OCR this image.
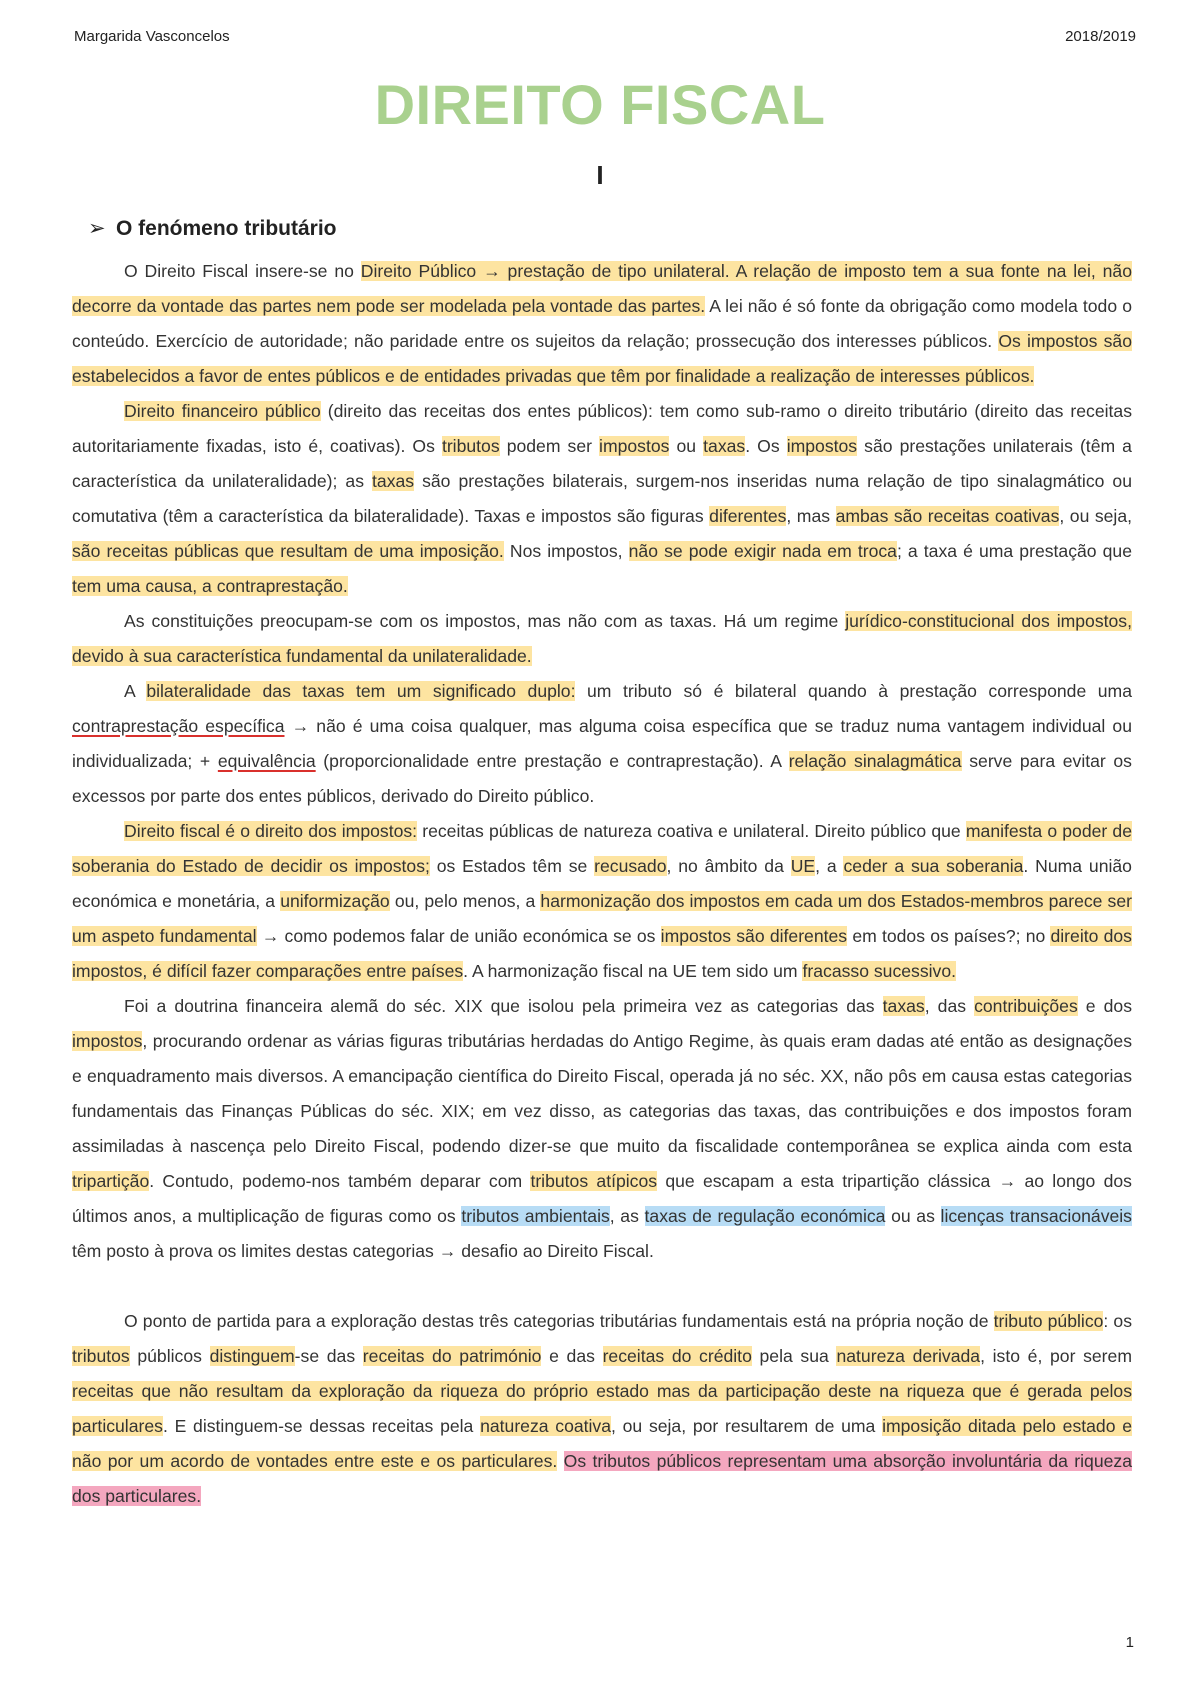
Margarida Vasconcelos	2018/2019
DIREITO FISCAL
I
➢ O fenómeno tributário

O Direito Fiscal insere-se no Direito Público → prestação de tipo unilateral. A relação de imposto tem a sua fonte na lei, não decorre da vontade das partes nem pode ser modelada pela vontade das partes. A lei não é só fonte da obrigação como modela todo o conteúdo. Exercício de autoridade; não paridade entre os sujeitos da relação; prossecução dos interesses públicos. Os impostos são estabelecidos a favor de entes públicos e de entidades privadas que têm por finalidade a realização de interesses públicos.

Direito financeiro público (direito das receitas dos entes públicos): tem como sub-ramo o direito tributário (direito das receitas autoritariamente fixadas, isto é, coativas). Os tributos podem ser impostos ou taxas. Os impostos são prestações unilaterais (têm a característica da unilateralidade); as taxas são prestações bilaterais, surgem-nos inseridas numa relação de tipo sinalagmático ou comutativa (têm a característica da bilateralidade). Taxas e impostos são figuras diferentes, mas ambas são receitas coativas, ou seja, são receitas públicas que resultam de uma imposição. Nos impostos, não se pode exigir nada em troca; a taxa é uma prestação que tem uma causa, a contraprestação.

As constituições preocupam-se com os impostos, mas não com as taxas. Há um regime jurídico-constitucional dos impostos, devido à sua característica fundamental da unilateralidade.

A bilateralidade das taxas tem um significado duplo: um tributo só é bilateral quando à prestação corresponde uma contraprestação específica → não é uma coisa qualquer, mas alguma coisa específica que se traduz numa vantagem individual ou individualizada; + equivalência (proporcionalidade entre prestação e contraprestação). A relação sinalagmática serve para evitar os excessos por parte dos entes públicos, derivado do Direito público.

Direito fiscal é o direito dos impostos: receitas públicas de natureza coativa e unilateral. Direito público que manifesta o poder de soberania do Estado de decidir os impostos; os Estados têm se recusado, no âmbito da UE, a ceder a sua soberania. Numa união económica e monetária, a uniformização ou, pelo menos, a harmonização dos impostos em cada um dos Estados-membros parece ser um aspeto fundamental → como podemos falar de união económica se os impostos são diferentes em todos os países?; no direito dos impostos, é difícil fazer comparações entre países. A harmonização fiscal na UE tem sido um fracasso sucessivo.

Foi a doutrina financeira alemã do séc. XIX que isolou pela primeira vez as categorias das taxas, das contribuições e dos impostos, procurando ordenar as várias figuras tributárias herdadas do Antigo Regime, às quais eram dadas até então as designações e enquadramento mais diversos. A emancipação científica do Direito Fiscal, operada já no séc. XX, não pôs em causa estas categorias fundamentais das Finanças Públicas do séc. XIX; em vez disso, as categorias das taxas, das contribuições e dos impostos foram assimiladas à nascença pelo Direito Fiscal, podendo dizer-se que muito da fiscalidade contemporânea se explica ainda com esta tripartição. Contudo, podemo-nos também deparar com tributos atípicos que escapam a esta tripartição clássica → ao longo dos últimos anos, a multiplicação de figuras como os tributos ambientais, as taxas de regulação económica ou as licenças transacionáveis têm posto à prova os limites destas categorias → desafio ao Direito Fiscal.

O ponto de partida para a exploração destas três categorias tributárias fundamentais está na própria noção de tributo público: os tributos públicos distinguem-se das receitas do património e das receitas do crédito pela sua natureza derivada, isto é, por serem receitas que não resultam da exploração da riqueza do próprio estado mas da participação deste na riqueza que é gerada pelos particulares. E distinguem-se dessas receitas pela natureza coativa, ou seja, por resultarem de uma imposição ditada pelo estado e não por um acordo de vontades entre este e os particulares. Os tributos públicos representam uma absorção involuntária da riqueza dos particulares.

1
